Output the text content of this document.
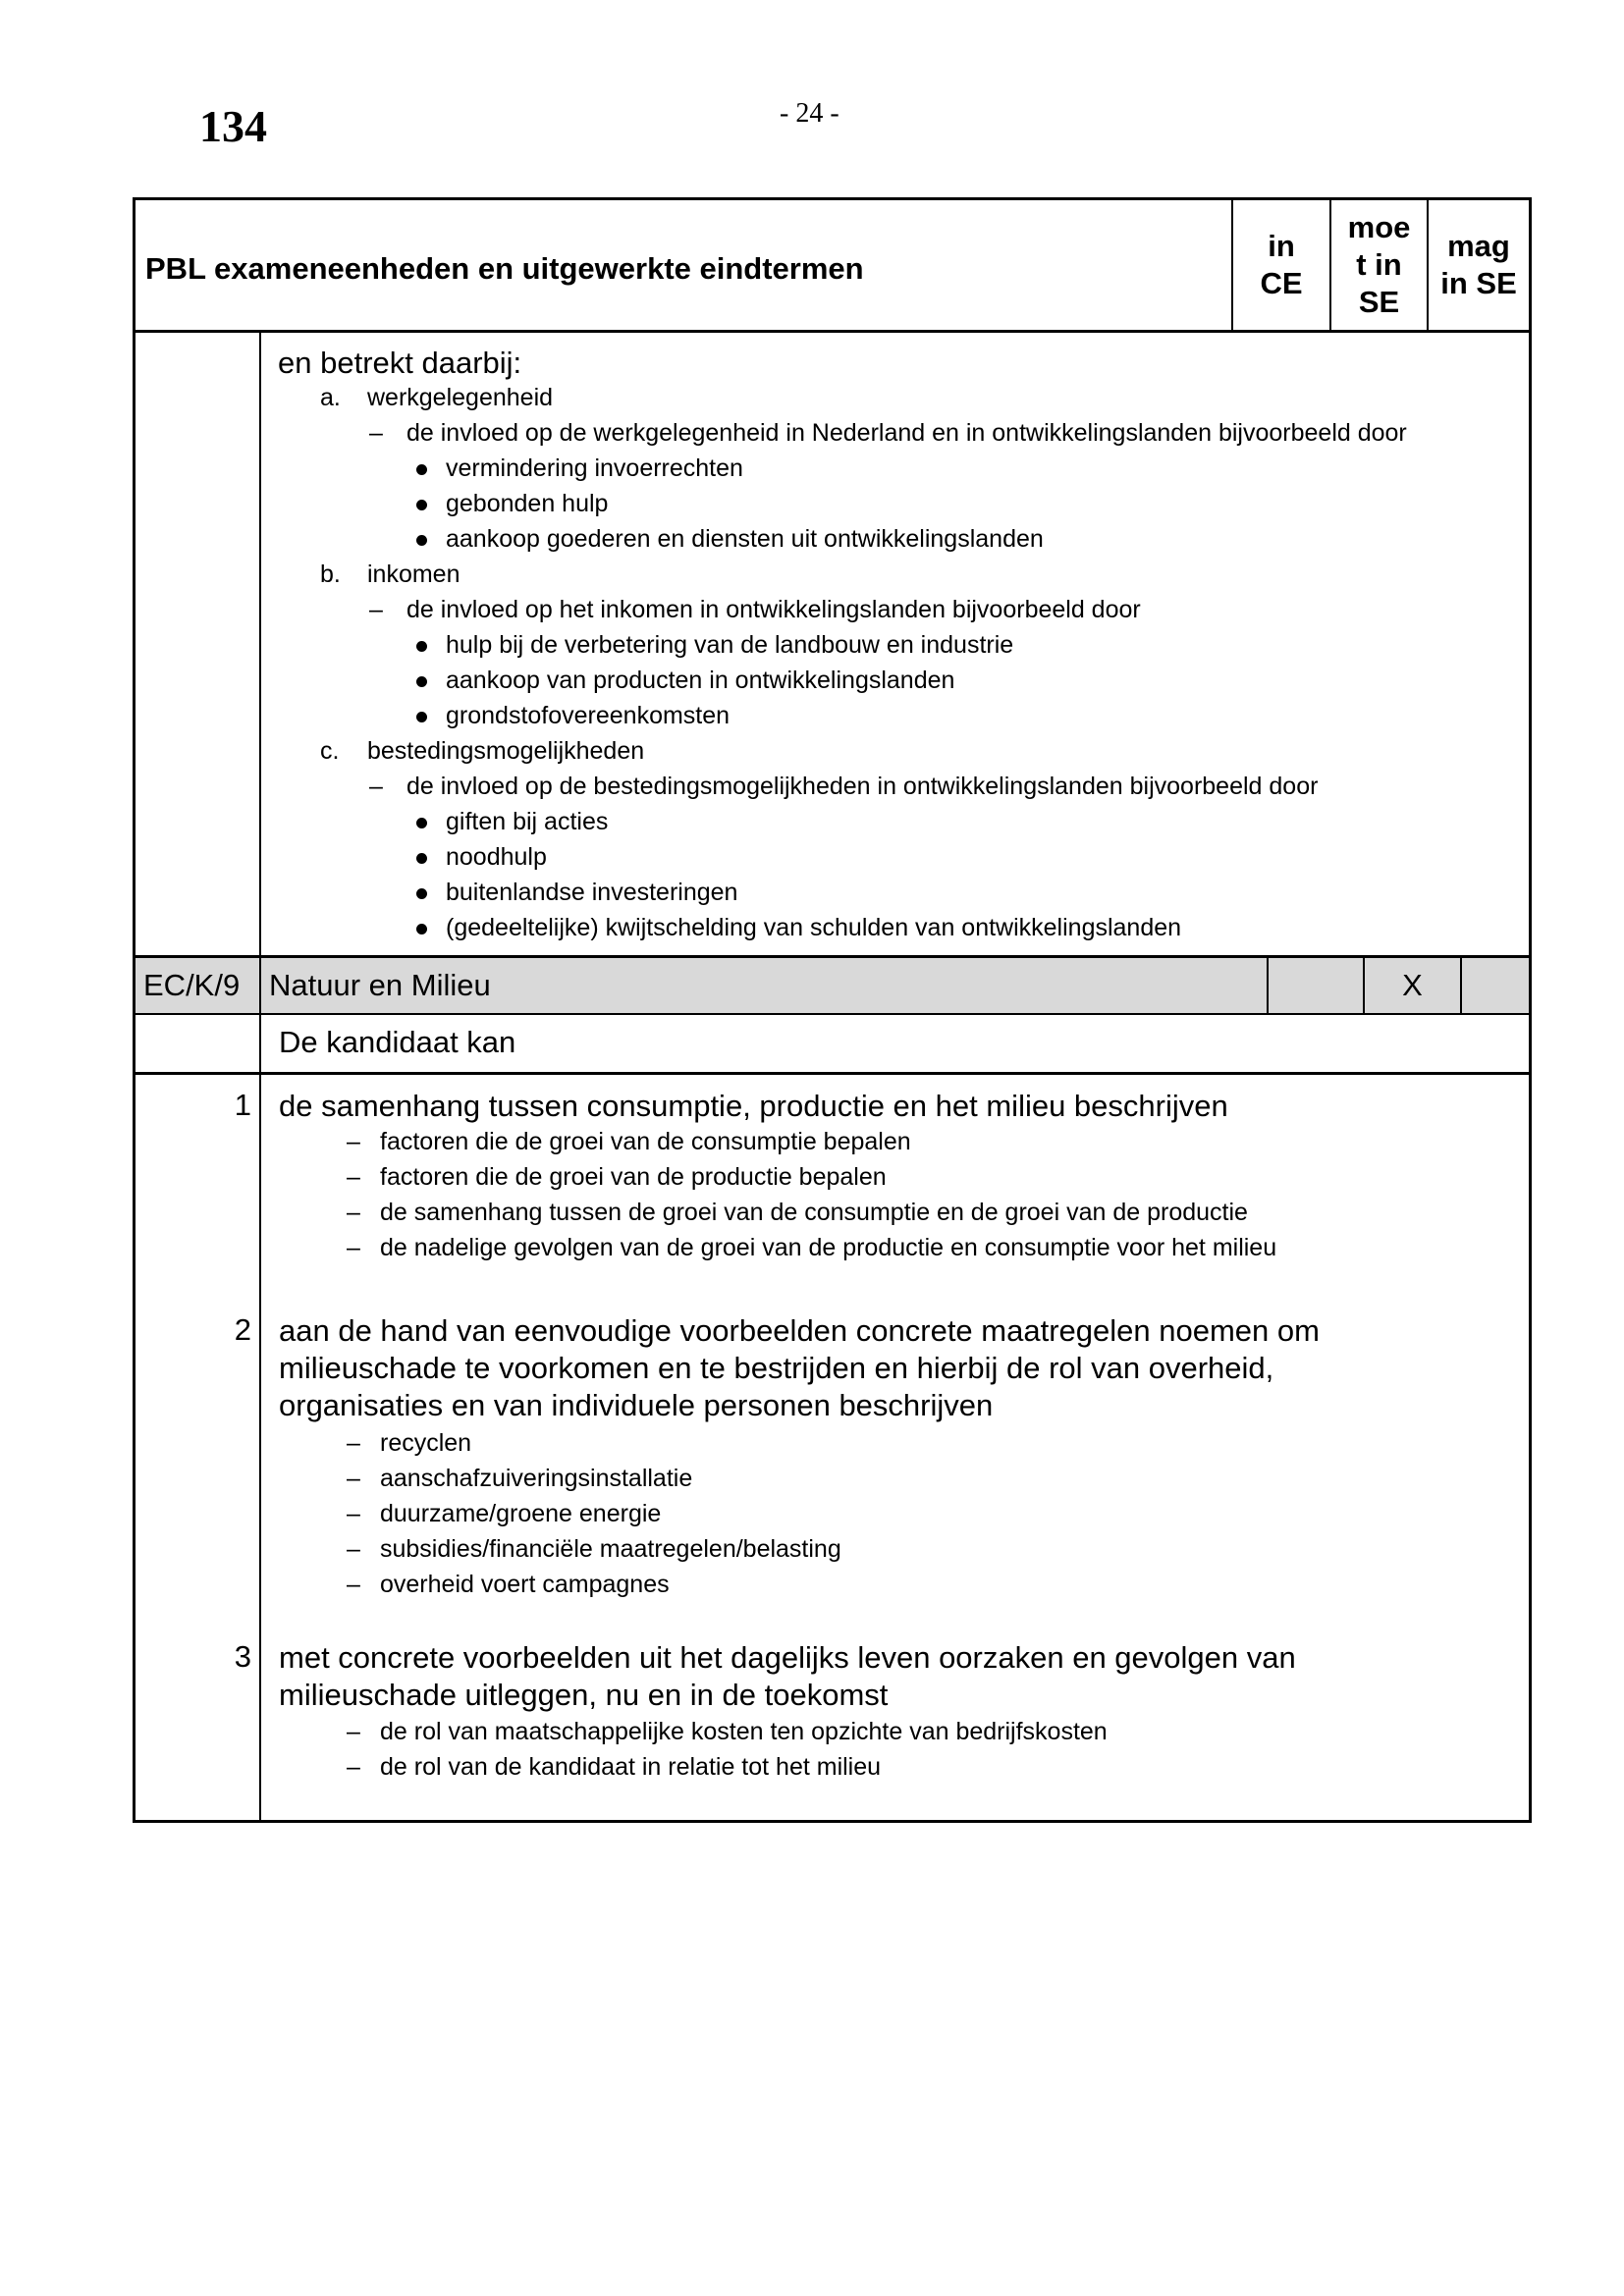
134	- 24 -
PBL exameneenheden en uitgewerkte eindtermen
in
CE
moe
t in
SE
mag
in SE
en betrekt daarbij:
a. werkgelegenheid
– de invloed op de werkgelegenheid in Nederland en in ontwikkelingslanden bijvoorbeeld door
vermindering invoerrechten
gebonden hulp
aankoop goederen en diensten uit ontwikkelingslanden
b. inkomen
– de invloed op het inkomen in ontwikkelingslanden bijvoorbeeld door
hulp bij de verbetering van de landbouw en industrie
aankoop van producten in ontwikkelingslanden
grondstofovereenkomsten
c. bestedingsmogelijkheden
– de invloed op de bestedingsmogelijkheden in ontwikkelingslanden bijvoorbeeld door
giften bij acties
noodhulp
buitenlandse investeringen
(gedeeltelijke) kwijtschelding van schulden van ontwikkelingslanden
EC/K/9 Natuur en Milieu	X
De kandidaat kan
1 de samenhang tussen consumptie, productie en het milieu beschrijven
– factoren die de groei van de consumptie bepalen
– factoren die de groei van de productie bepalen
– de samenhang tussen de groei van de consumptie en de groei van de productie
– de nadelige gevolgen van de groei van de productie en consumptie voor het milieu
2 aan de hand van eenvoudige voorbeelden concrete maatregelen noemen om
milieuschade te voorkomen en te bestrijden en hierbij de rol van overheid,
organisaties en van individuele personen beschrijven
– recyclen
– aanschafzuiveringsinstallatie
– duurzame/groene energie
– subsidies/financiële maatregelen/belasting
– overheid voert campagnes
3 met concrete voorbeelden uit het dagelijks leven oorzaken en gevolgen van
milieuschade uitleggen, nu en in de toekomst
– de rol van maatschappelijke kosten ten opzichte van bedrijfskosten
– de rol van de kandidaat in relatie tot het milieu
